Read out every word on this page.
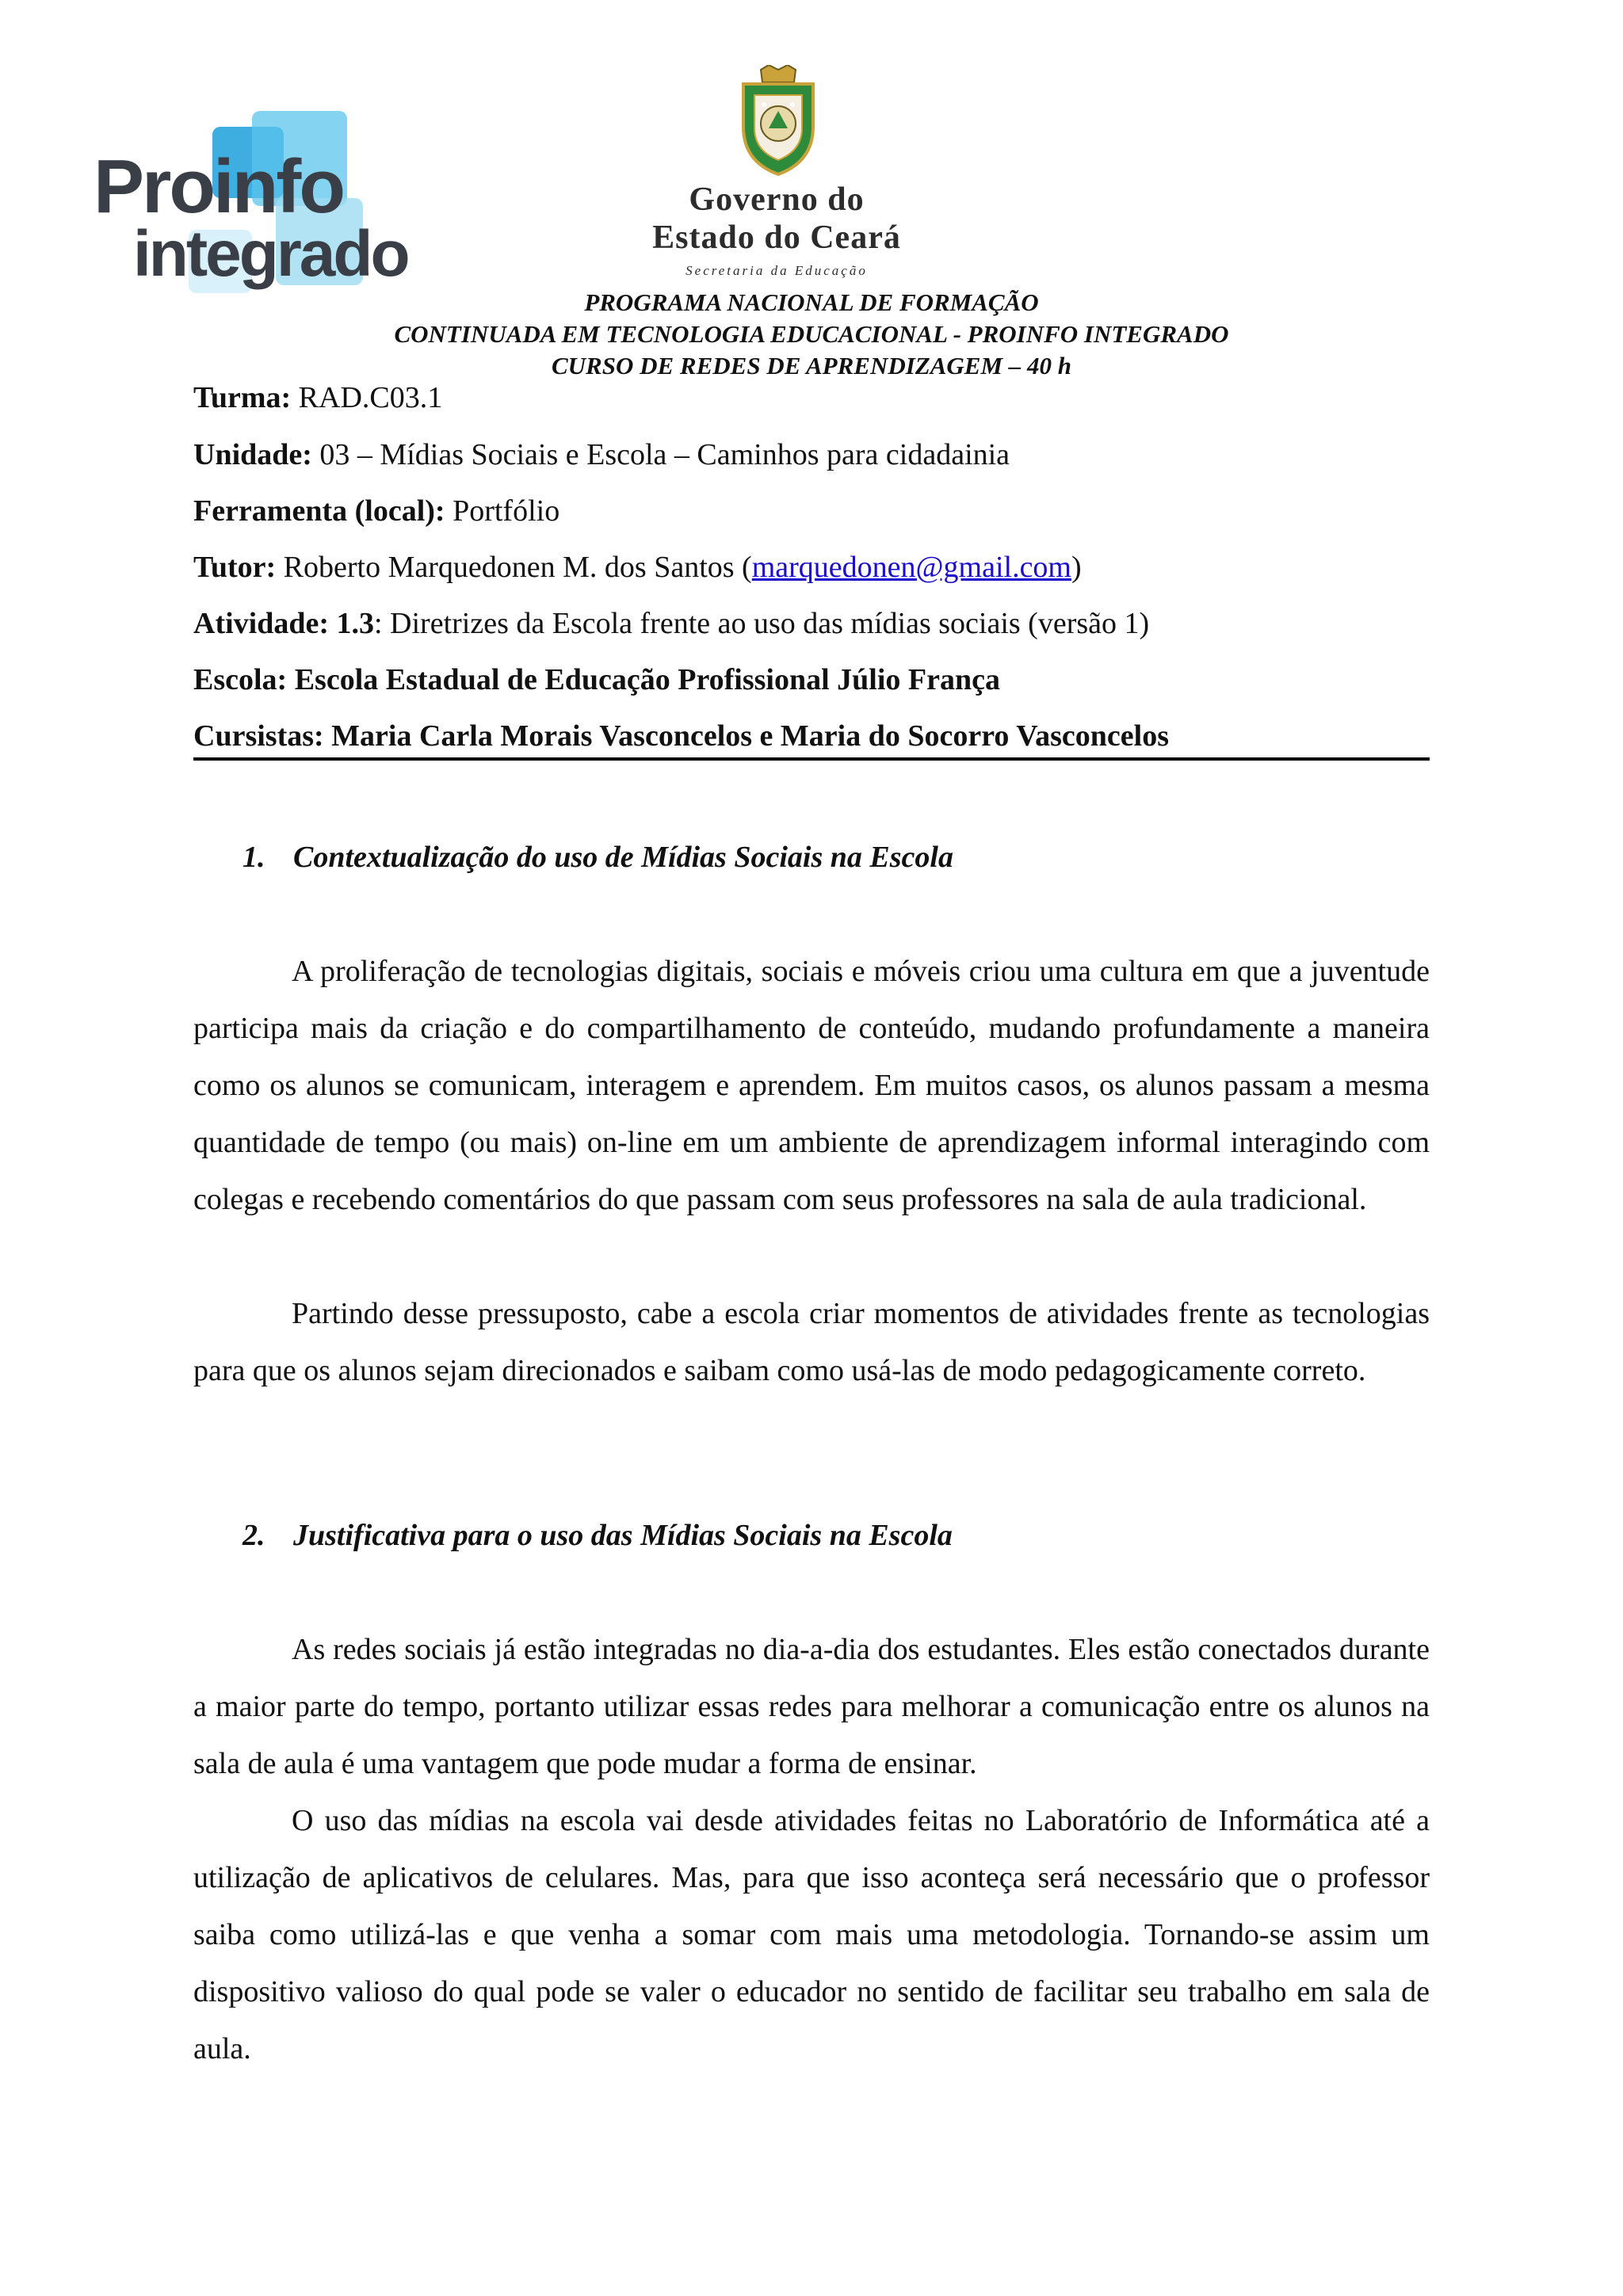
Proinfo
integrado
Governo do
Estado do Ceará
Secretaria da Educação
PROGRAMA NACIONAL DE FORMAÇÃO
CONTINUADA EM TECNOLOGIA EDUCACIONAL - PROINFO INTEGRADO
CURSO DE REDES DE APRENDIZAGEM – 40 h
Turma: RAD.C03.1
Unidade: 03 – Mídias Sociais e Escola – Caminhos para cidadainia
Ferramenta (local): Portfólio
Tutor: Roberto Marquedonen M. dos Santos (marquedonen@gmail.com)
Atividade: 1.3: Diretrizes da Escola frente ao uso das mídias sociais (versão 1)
Escola: Escola Estadual de Educação Profissional Júlio França
Cursistas: Maria Carla Morais Vasconcelos e Maria do Socorro Vasconcelos
1. Contextualização do uso de Mídias Sociais na Escola

A proliferação de tecnologias digitais, sociais e móveis criou uma cultura em que a juventude participa mais da criação e do compartilhamento de conteúdo, mudando profundamente a maneira como os alunos se comunicam, interagem e aprendem. Em muitos casos, os alunos passam a mesma quantidade de tempo (ou mais) on-line em um ambiente de aprendizagem informal interagindo com colegas e recebendo comentários do que passam com seus professores na sala de aula tradicional.

Partindo desse pressuposto, cabe a escola criar momentos de atividades frente as tecnologias para que os alunos sejam direcionados e saibam como usá-las de modo pedagogicamente correto.

2. Justificativa para o uso das Mídias Sociais na Escola

As redes sociais já estão integradas no dia-a-dia dos estudantes. Eles estão conectados durante a maior parte do tempo, portanto utilizar essas redes para melhorar a comunicação entre os alunos na sala de aula é uma vantagem que pode mudar a forma de ensinar.

O uso das mídias na escola vai desde atividades feitas no Laboratório de Informática até a utilização de aplicativos de celulares. Mas, para que isso aconteça será necessário que o professor saiba como utilizá-las e que venha a somar com mais uma metodologia. Tornando-se assim um dispositivo valioso do qual pode se valer o educador no sentido de facilitar seu trabalho em sala de aula.
